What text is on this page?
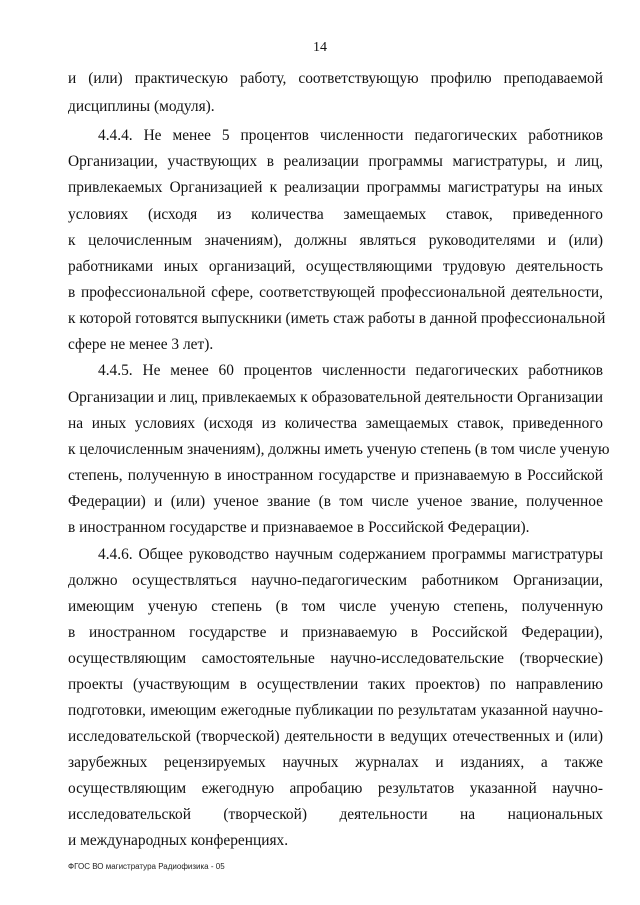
14
и (или) практическую работу, соответствующую профилю преподаваемой
дисциплины (модуля).
4.4.4. Не менее 5 процентов численности педагогических работников
Организации, участвующих в реализации программы магистратуры, и лиц,
привлекаемых Организацией к реализации программы магистратуры на иных
условиях (исходя из количества замещаемых ставок, приведенного
к целочисленным значениям), должны являться руководителями и (или)
работниками иных организаций, осуществляющими трудовую деятельность
в профессиональной сфере, соответствующей профессиональной деятельности,
к которой готовятся выпускники (иметь стаж работы в данной профессиональной
сфере не менее 3 лет).
4.4.5. Не менее 60 процентов численности педагогических работников
Организации и лиц, привлекаемых к образовательной деятельности Организации
на иных условиях (исходя из количества замещаемых ставок, приведенного
к целочисленным значениям), должны иметь ученую степень (в том числе ученую
степень, полученную в иностранном государстве и признаваемую в Российской
Федерации) и (или) ученое звание (в том числе ученое звание, полученное
в иностранном государстве и признаваемое в Российской Федерации).
4.4.6. Общее руководство научным содержанием программы магистратуры
должно осуществляться научно-педагогическим работником Организации,
имеющим ученую степень (в том числе ученую степень, полученную
в иностранном государстве и признаваемую в Российской Федерации),
осуществляющим самостоятельные научно-исследовательские (творческие)
проекты (участвующим в осуществлении таких проектов) по направлению
подготовки, имеющим ежегодные публикации по результатам указанной научно-
исследовательской (творческой) деятельности в ведущих отечественных и (или)
зарубежных рецензируемых научных журналах и изданиях, а также
осуществляющим ежегодную апробацию результатов указанной научно-
исследовательской (творческой) деятельности на национальных
и международных конференциях.
ФГОС ВО магистратура Радиофизика - 05
